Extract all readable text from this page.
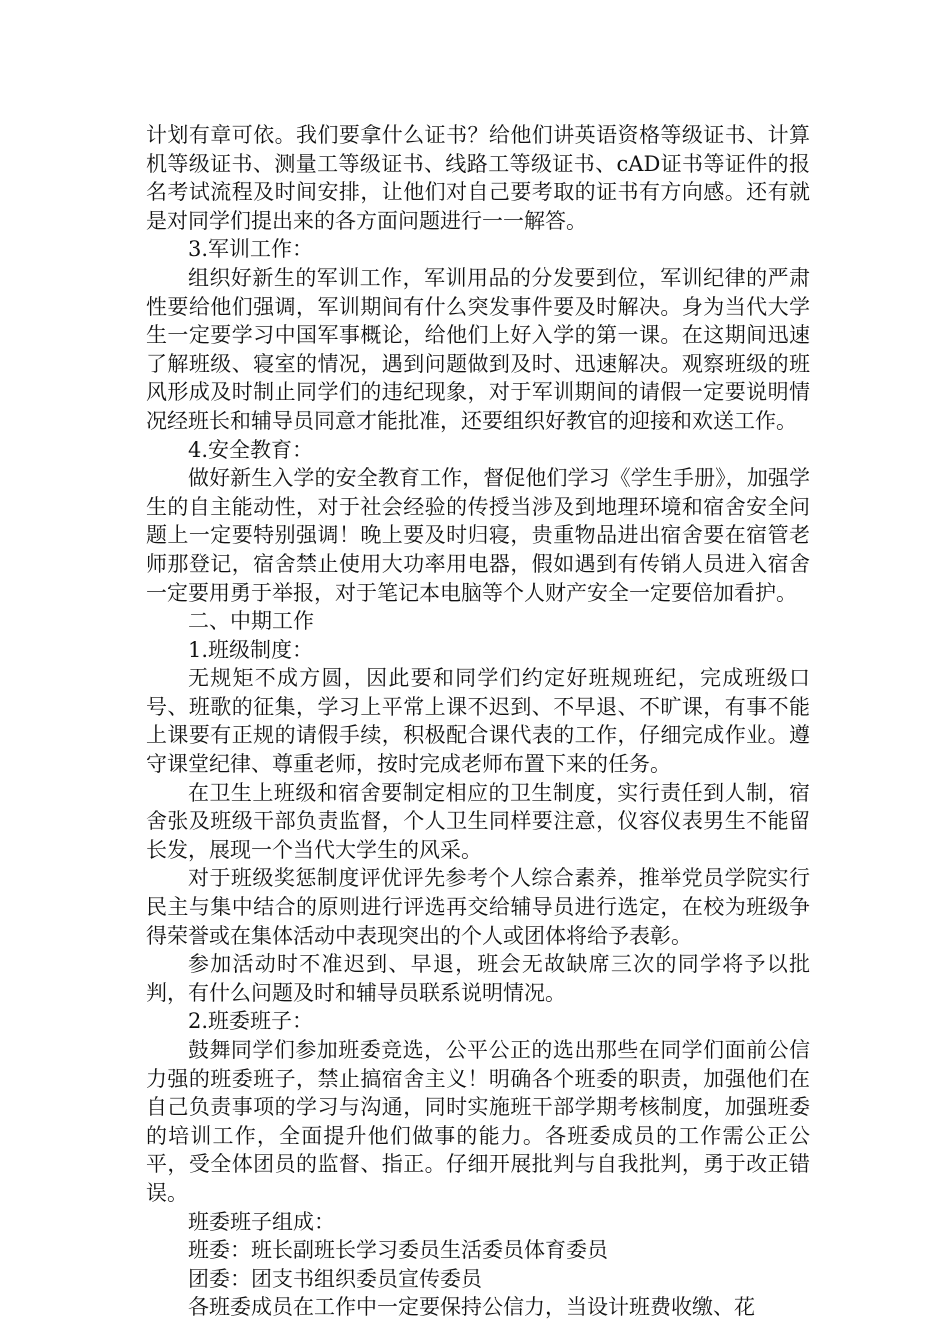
计划有章可依。我们要拿什么证书？给他们讲英语资格等级证书、计算机等级证书、测量工等级证书、线路工等级证书、cAD证书等证件的报名考试流程及时间安排，让他们对自己要考取的证书有方向感。还有就是对同学们提出来的各方面问题进行一一解答。

3.军训工作：

组织好新生的军训工作，军训用品的分发要到位，军训纪律的严肃性要给他们强调，军训期间有什么突发事件要及时解决。身为当代大学生一定要学习中国军事概论，给他们上好入学的第一课。在这期间迅速了解班级、寝室的情况，遇到问题做到及时、迅速解决。观察班级的班风形成及时制止同学们的违纪现象，对于军训期间的请假一定要说明情况经班长和辅导员同意才能批准，还要组织好教官的迎接和欢送工作。

4.安全教育：

做好新生入学的安全教育工作，督促他们学习《学生手册》，加强学生的自主能动性，对于社会经验的传授当涉及到地理环境和宿舍安全问题上一定要特别强调！晚上要及时归寝，贵重物品进出宿舍要在宿管老师那登记，宿舍禁止使用大功率用电器，假如遇到有传销人员进入宿舍一定要用勇于举报，对于笔记本电脑等个人财产安全一定要倍加看护。

二、中期工作

1.班级制度：

无规矩不成方圆，因此要和同学们约定好班规班纪，完成班级口号、班歌的征集，学习上平常上课不迟到、不早退、不旷课，有事不能上课要有正规的请假手续，积极配合课代表的工作，仔细完成作业。遵守课堂纪律、尊重老师，按时完成老师布置下来的任务。

在卫生上班级和宿舍要制定相应的卫生制度，实行责任到人制，宿舍张及班级干部负责监督，个人卫生同样要注意，仪容仪表男生不能留长发，展现一个当代大学生的风采。

对于班级奖惩制度评优评先参考个人综合素养，推举党员学院实行民主与集中结合的原则进行评选再交给辅导员进行选定，在校为班级争得荣誉或在集体活动中表现突出的个人或团体将给予表彰。

参加活动时不准迟到、早退，班会无故缺席三次的同学将予以批判，有什么问题及时和辅导员联系说明情况。

2.班委班子：

鼓舞同学们参加班委竞选，公平公正的选出那些在同学们面前公信力强的班委班子，禁止搞宿舍主义！明确各个班委的职责，加强他们在自己负责事项的学习与沟通，同时实施班干部学期考核制度，加强班委的培训工作，全面提升他们做事的能力。各班委成员的工作需公正公平，受全体团员的监督、指正。仔细开展批判与自我批判，勇于改正错误。

班委班子组成：

班委：班长副班长学习委员生活委员体育委员

团委：团支书组织委员宣传委员

各班委成员在工作中一定要保持公信力，当设计班费收缴、花
